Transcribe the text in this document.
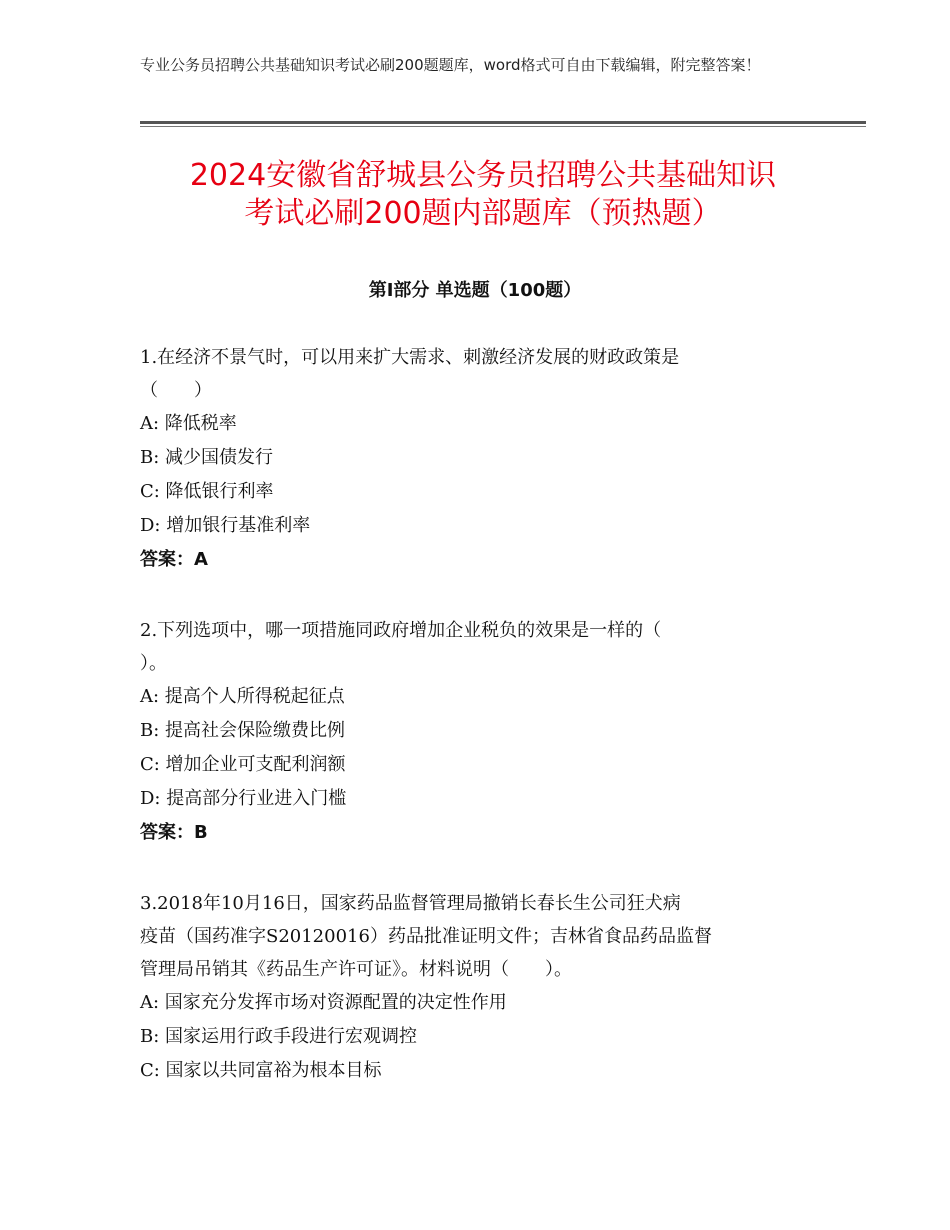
专业公务员招聘公共基础知识考试必刷200题题库，word格式可自由下载编辑，附完整答案！
2024安徽省舒城县公务员招聘公共基础知识
考试必刷200题内部题库（预热题）
第Ⅰ部分 单选题（100题）

1.在经济不景气时，可以用来扩大需求、刺激经济发展的财政政策是

（　　）

A: 降低税率

B: 减少国债发行

C: 降低银行利率

D: 增加银行基准利率

答案：A

2.下列选项中，哪一项措施同政府增加企业税负的效果是一样的（

）。

A: 提高个人所得税起征点

B: 提高社会保险缴费比例

C: 增加企业可支配利润额

D: 提高部分行业进入门槛

答案：B

3.2018年10月16日，国家药品监督管理局撤销长春长生公司狂犬病

疫苗（国药准字S20120016）药品批准证明文件；吉林省食品药品监督

管理局吊销其《药品生产许可证》。材料说明（　　）。

A: 国家充分发挥市场对资源配置的决定性作用

B: 国家运用行政手段进行宏观调控

C: 国家以共同富裕为根本目标
